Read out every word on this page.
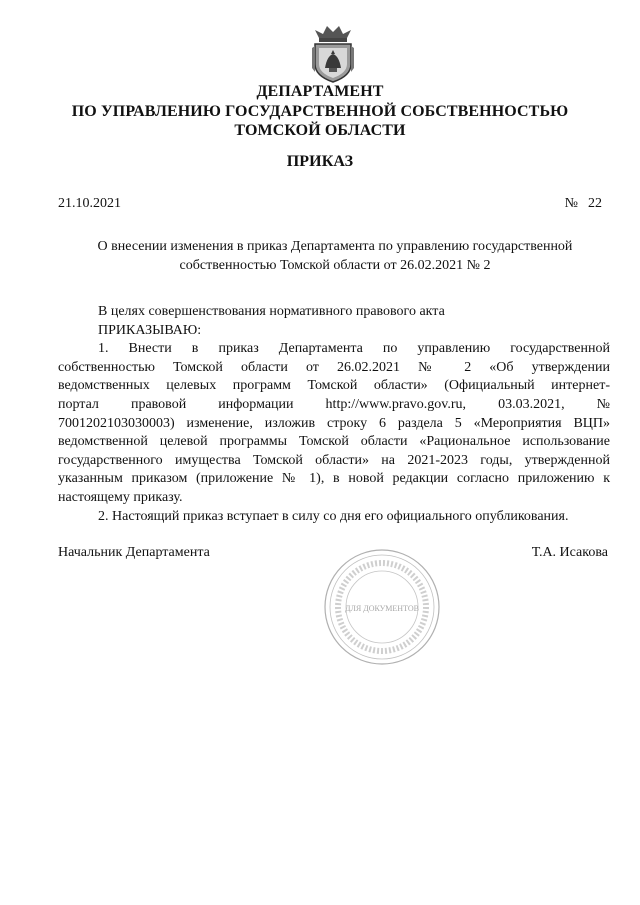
ДЕПАРТАМЕНТ
ПО УПРАВЛЕНИЮ ГОСУДАРСТВЕННОЙ СОБСТВЕННОСТЬЮ
ТОМСКОЙ ОБЛАСТИ
ПРИКАЗ
21.10.2021	№ 22
О внесении изменения в приказ Департамента по управлению государственной
собственностью Томской области от 26.02.2021 № 2

В целях совершенствования нормативного правового акта

ПРИКАЗЫВАЮ:

1. Внести в приказ Департамента по управлению государственной
собственностью Томской области от 26.02.2021 № 2 «Об утверждении
ведомственных целевых программ Томской области» (Официальный интернет-
портал правовой информации http://www.pravo.gov.ru, 03.03.2021, №
7001202103030003) изменение, изложив строку 6 раздела 5 «Мероприятия ВЦП»
ведомственной целевой программы Томской области «Рациональное использование
государственного имущества Томской области» на 2021-2023 годы, утвержденной
указанным приказом (приложение № 1), в новой редакции согласно приложению к
настоящему приказу.

2. Настоящий приказ вступает в силу со дня его официального опубликования.

Начальник Департамента	Т.А. Исакова
ДЛЯ ДОКУМЕНТОВ
